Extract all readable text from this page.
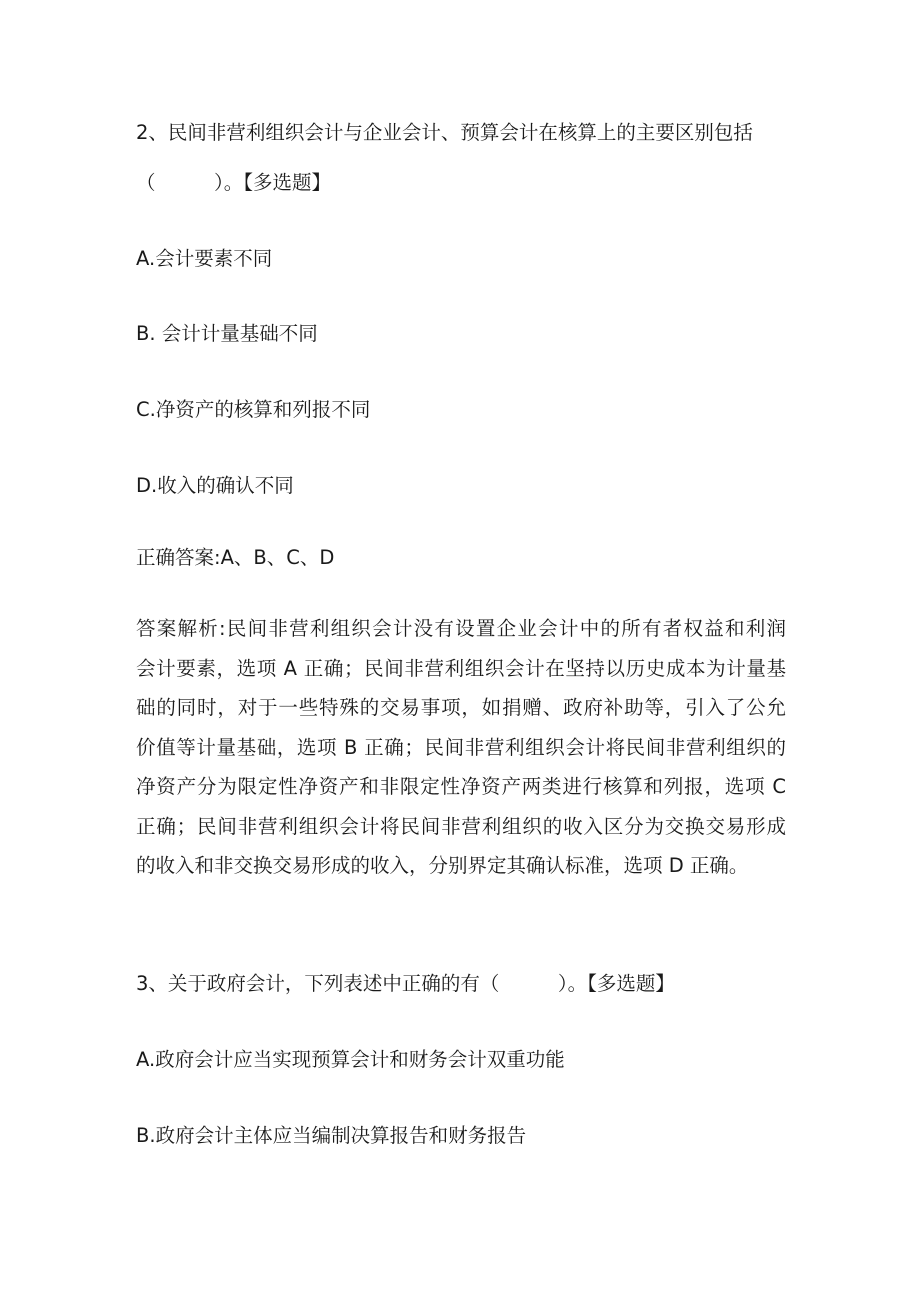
2、民间非营利组织会计与企业会计、预算会计在核算上的主要区别包括
（　　　）。【多选题】
A.会计要素不同
B. 会计计量基础不同
C.净资产的核算和列报不同
D.收入的确认不同
正确答案:A、B、C、D
答案解析:民间非营利组织会计没有设置企业会计中的所有者权益和利润
会计要素，选项 A 正确；民间非营利组织会计在坚持以历史成本为计量基
础的同时，对于一些特殊的交易事项，如捐赠、政府补助等，引入了公允
价值等计量基础，选项 B 正确；民间非营利组织会计将民间非营利组织的
净资产分为限定性净资产和非限定性净资产两类进行核算和列报，选项 C
正确；民间非营利组织会计将民间非营利组织的收入区分为交换交易形成
的收入和非交换交易形成的收入，分别界定其确认标准，选项 D 正确。
3、关于政府会计，下列表述中正确的有（　　　）。【多选题】
A.政府会计应当实现预算会计和财务会计双重功能
B.政府会计主体应当编制决算报告和财务报告
